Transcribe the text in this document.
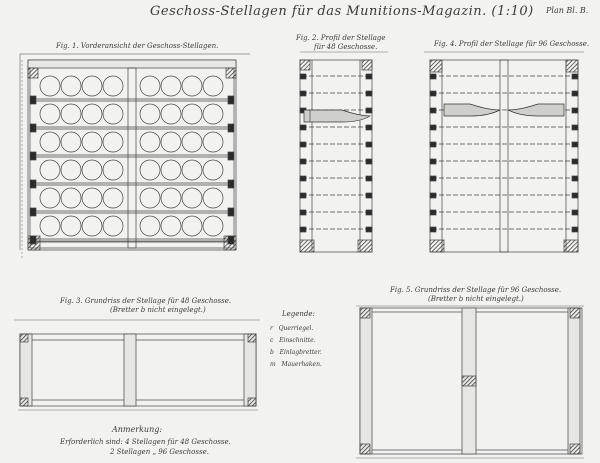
Geschoss-Stellagen für das Munitions-Magazin. (1:10) Plan Bl. B.
Fig. 1. Vorderansicht der Geschoss-Stellagen.
Fig. 2. Profil der Stellage
für 48 Geschosse.	Fig. 4. Profil der Stellage für 96 Geschosse.
Fig. 3. Grundriss der Stellage für 48 Geschosse.
(Bretter b nicht eingelegt.)
Fig. 5. Grundriss der Stellage für 96 Geschosse.
(Bretter b nicht eingelegt.)
Legende:
r Querriegel.
c Einschnitte.
b Einlagbretter.
m Mauerhaken.
Anmerkung:
Erforderlich sind: 4 Stellagen für 48 Geschosse.
2 Stellagen „ 96 Geschosse.
